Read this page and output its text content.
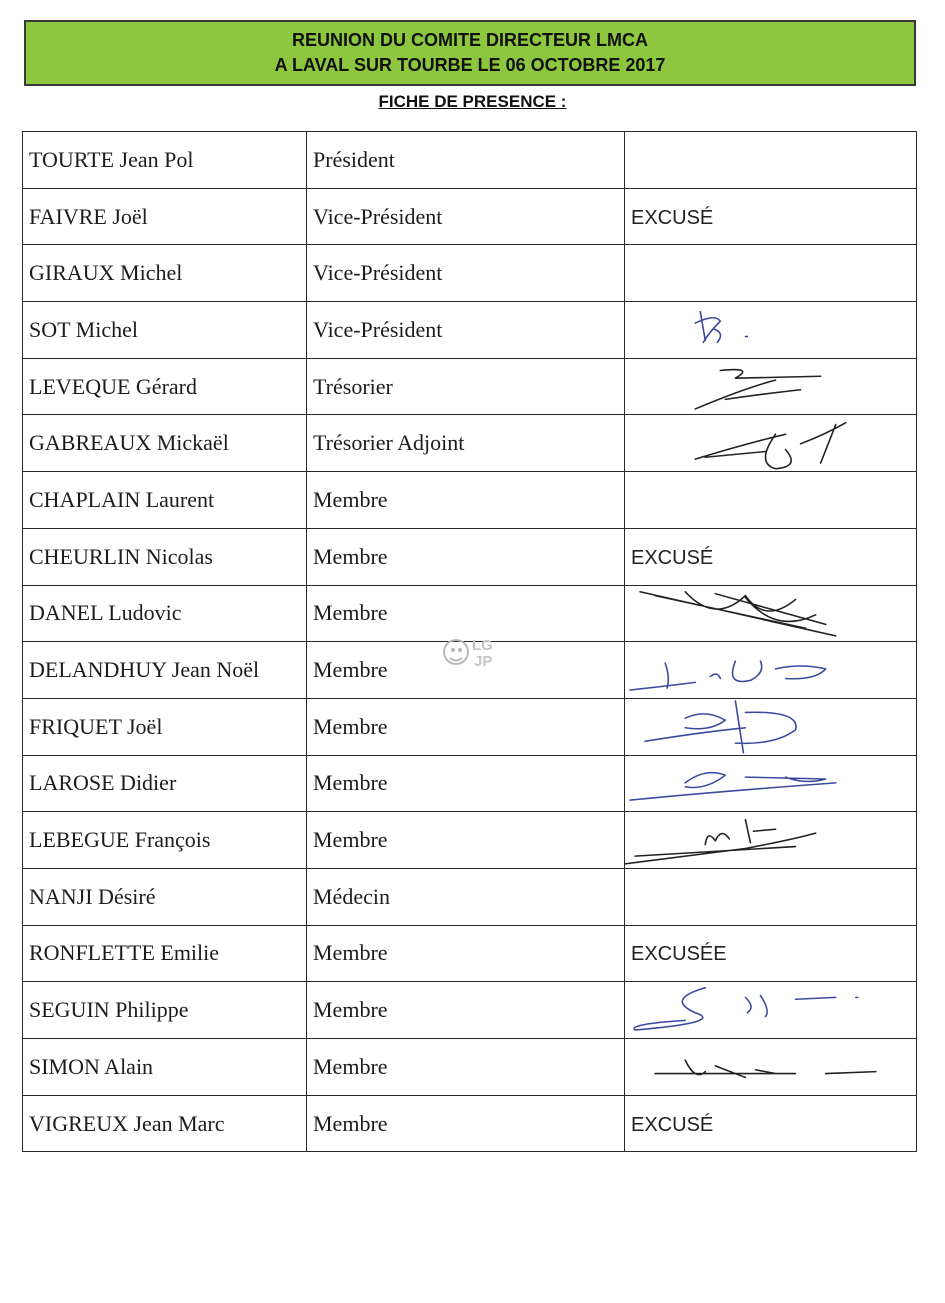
REUNION DU COMITE DIRECTEUR LMCA
A LAVAL SUR TOURBE LE 06 OCTOBRE 2017
FICHE DE PRESENCE :
TOURTE Jean Pol	Président	
FAIVRE Joël	Vice-Président	EXCUSÉ
GIRAUX Michel	Vice-Président	
SOT Michel	Vice-Président	

LEVEQUE Gérard	Trésorier	

GABREAUX Mickaël	Trésorier Adjoint	

CHAPLAIN Laurent	Membre	
CHEURLIN Nicolas	Membre	EXCUSÉ
DANEL Ludovic	Membre	

DELANDHUY Jean Noël	Membre	

FRIQUET Joël	Membre	

LAROSE Didier	Membre	

LEBEGUE François	Membre	

NANJI Désiré	Médecin	
RONFLETTE Emilie	Membre	EXCUSÉE
SEGUIN Philippe	Membre	

SIMON Alain	Membre	

VIGREUX Jean Marc	Membre	EXCUSÉ
LG
JP
